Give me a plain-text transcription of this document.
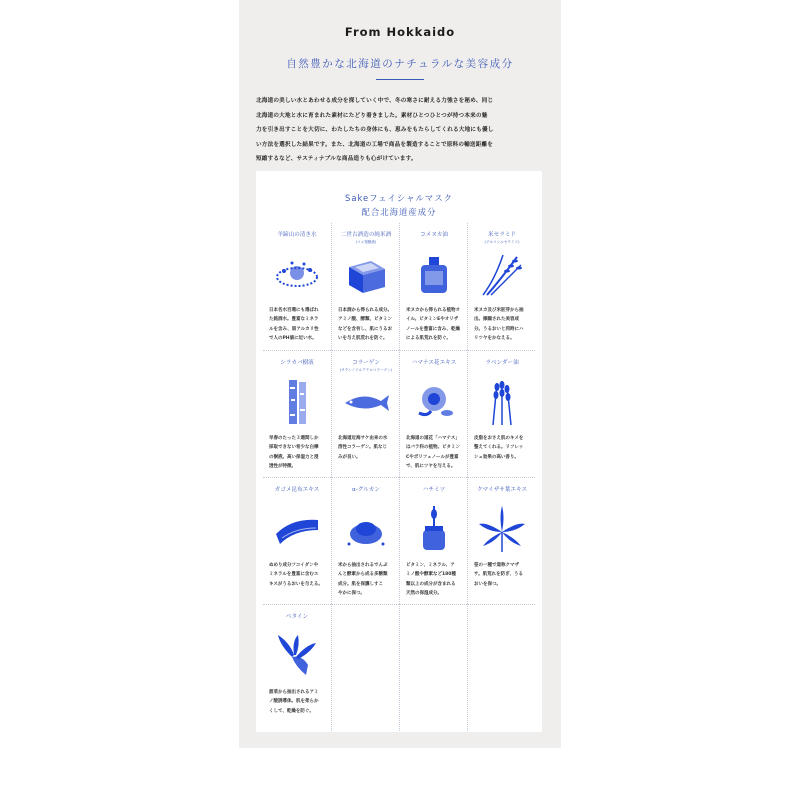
From Hokkaido
自然豊かな北海道のナチュラルな美容成分
北海道の美しい水とあわせる成分を探していく中で、冬の寒さに耐える力強さを秘め、同じ
北海道の大地と水に育まれた素材にたどり着きました。素材ひとつひとつが持つ本来の魅
力を引き出すことを大切に、わたしたちの身体にも、恵みをもたらしてくれる大地にも優し
い方法を選択した結果です。また、北海道の工場で商品を製造することで原料の輸送距離を
短縮するなど、サスティナブルな商品造りも心がけています。
Sakeフェイシャルマスク
配合北海道産成分
羊蹄山の清き水
日本名水百選にも選ばれ
た銘酒水。豊富なミネラ
ルを含み、弱アルカリ性
で人のPH値に近い水。
二世古酒造の純米酒
(コメ発酵液)
日本酒から得られる成分。
アミノ酸、酵類、ビタミン
などを含有し、肌にうるお
いを与え肌荒れを防ぐ。
コメヌカ油
米ヌカから得られる植物オ
イル。ビタミンEやオリザ
ノールを豊富に含み、乾燥
による肌荒れを防ぐ。
米セラミド
(グルコシルセラミド)
米ヌカ及び米胚芽から抽
出。擦願された美容成
分。うるおいと同時にハ
リツヤをかなえる。
シラカバ樹液
早春のたった３週間しか
採取できない希少な白樺
の樹液。高い保湿力と浸
透性が特徴。
コラーゲン
(サクシノイルアテロコラーゲン)
北海道近海サケ由来の水
溶性コラーゲン。肌なじ
みが良い。
ハマナス花エキス
北海道の道花「ハマナス」
はバラ科の植物。ビタミン
Cやポリフェノールが豊富
で、肌にツヤを与える。
ラベンダー油
皮脂をおさえ肌のキメを
整えてくれる。リフレッ
シュ効果の高い香り。
ガゴメ昆布エキス
ぬめり成分フコイダンや
ミネラルを豊富に含むエ
キスがうるおいを与える。
α-グルカン
米から抽出されるでんぷ
んと酵素から成る多糖類
成分。肌を保護しすこ
やかに保つ。
ハチミツ
ビタミン、ミネラル、ア
ミノ酸や酵素など180種
類以上の成分が含まれる
天然の保湿成分。
クマイザサ葉エキス
笹の一種で道称クマザ
サ。肌荒れを防ぎ、うる
おいを保つ。
ベタイン
甜菜から抽出されるアミ
ノ酸誘導体。肌を柔らか
くして、乾燥を防ぐ。
